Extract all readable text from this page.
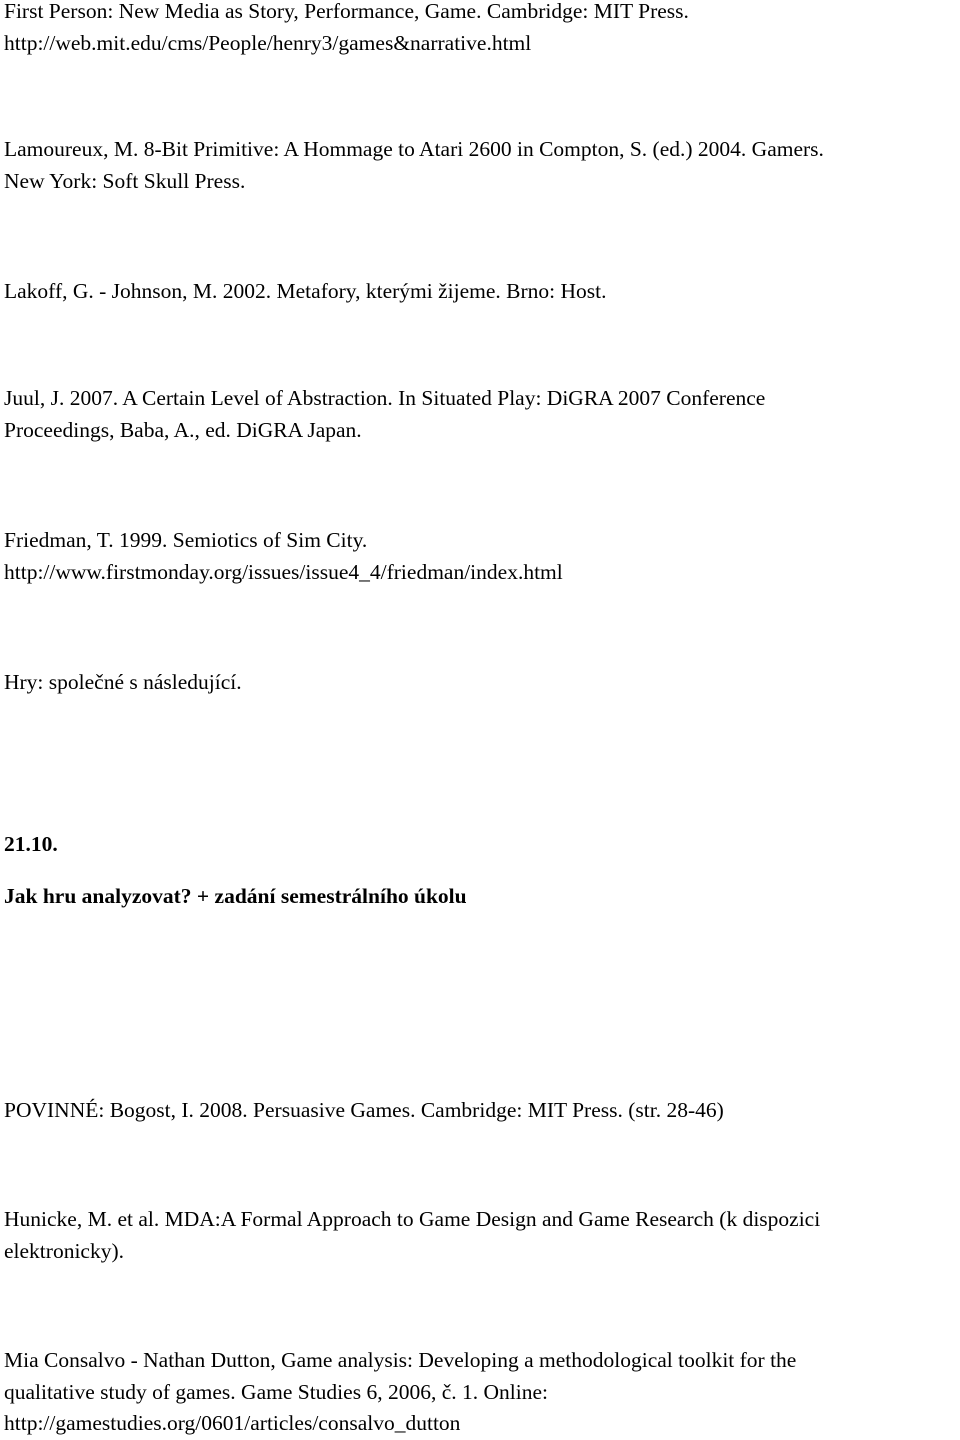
First Person: New Media as Story, Performance, Game. Cambridge: MIT Press.
http://web.mit.edu/cms/People/henry3/games&narrative.html
Lamoureux, M. 8-Bit Primitive: A Hommage to Atari 2600 in Compton, S. (ed.) 2004. Gamers.
New York: Soft Skull Press.
Lakoff, G. - Johnson, M. 2002. Metafory, kterými žijeme. Brno: Host.
Juul, J. 2007. A Certain Level of Abstraction. In Situated Play: DiGRA 2007 Conference
Proceedings, Baba, A., ed. DiGRA Japan.
Friedman, T. 1999. Semiotics of Sim City.
http://www.firstmonday.org/issues/issue4_4/friedman/index.html
Hry: společné s následující.
21.10.
Jak hru analyzovat? + zadání semestrálního úkolu
POVINNÉ: Bogost, I. 2008. Persuasive Games. Cambridge: MIT Press. (str. 28-46)
Hunicke, M. et al. MDA:A Formal Approach to Game Design and Game Research (k dispozici
elektronicky).
Mia Consalvo - Nathan Dutton, Game analysis: Developing a methodological toolkit for the
qualitative study of games. Game Studies 6, 2006, č. 1. Online:
http://gamestudies.org/0601/articles/consalvo_dutton
